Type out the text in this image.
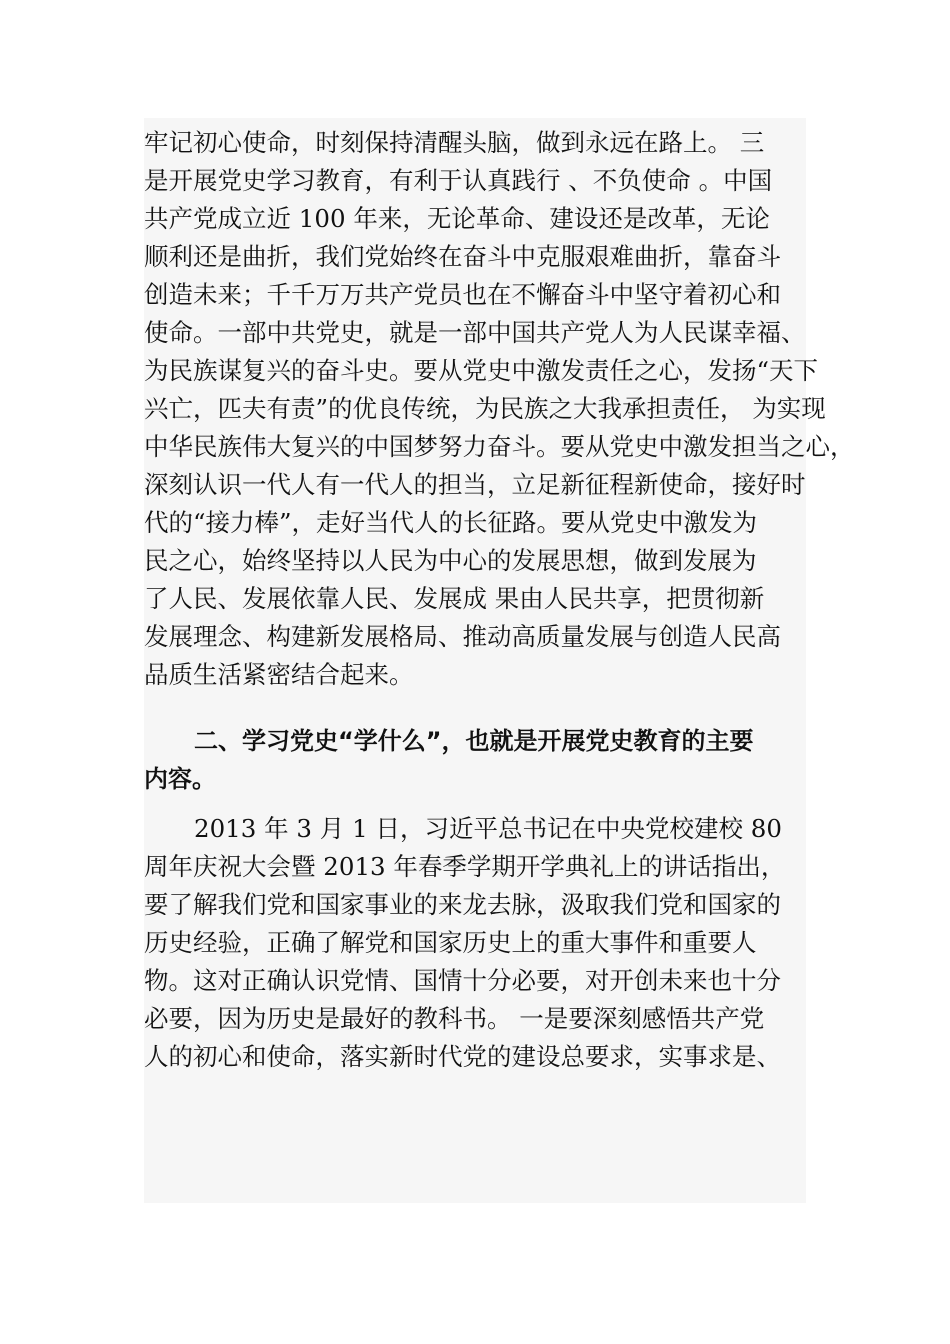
牢记初心使命，时刻保持清醒头脑，做到永远在路上。 三
是开展党史学习教育，有利于认真践行 、不负使命 。中国
共产党成立近 100 年来，无论革命、建设还是改革，无论
顺利还是曲折，我们党始终在奋斗中克服艰难曲折，靠奋斗
创造未来；千千万万共产党员也在不懈奋斗中坚守着初心和
使命。一部中共党史，就是一部中国共产党人为人民谋幸福、
为民族谋复兴的奋斗史。要从党史中激发责任之心，发扬“天下
兴亡，匹夫有责”的优良传统，为民族之大我承担责任， 为实现
中华民族伟大复兴的中国梦努力奋斗。要从党史中激发担当之心，
深刻认识一代人有一代人的担当，立足新征程新使命，接好时
代的“接力棒”，走好当代人的长征路。要从党史中激发为
民之心，始终坚持以人民为中心的发展思想，做到发展为
了人民、发展依靠人民、发展成 果由人民共享，把贯彻新
发展理念、构建新发展格局、推动高质量发展与创造人民高
品质生活紧密结合起来。
二、学习党史“学什么”，也就是开展党史教育的主要
内容。
2013 年 3 月 1 日，习近平总书记在中央党校建校 80
周年庆祝大会暨 2013 年春季学期开学典礼上的讲话指出，
要了解我们党和国家事业的来龙去脉，汲取我们党和国家的
历史经验，正确了解党和国家历史上的重大事件和重要人
物。这对正确认识党情、国情十分必要，对开创未来也十分
必要，因为历史是最好的教科书。 一是要深刻感悟共产党
人的初心和使命，落实新时代党的建设总要求，实事求是、
